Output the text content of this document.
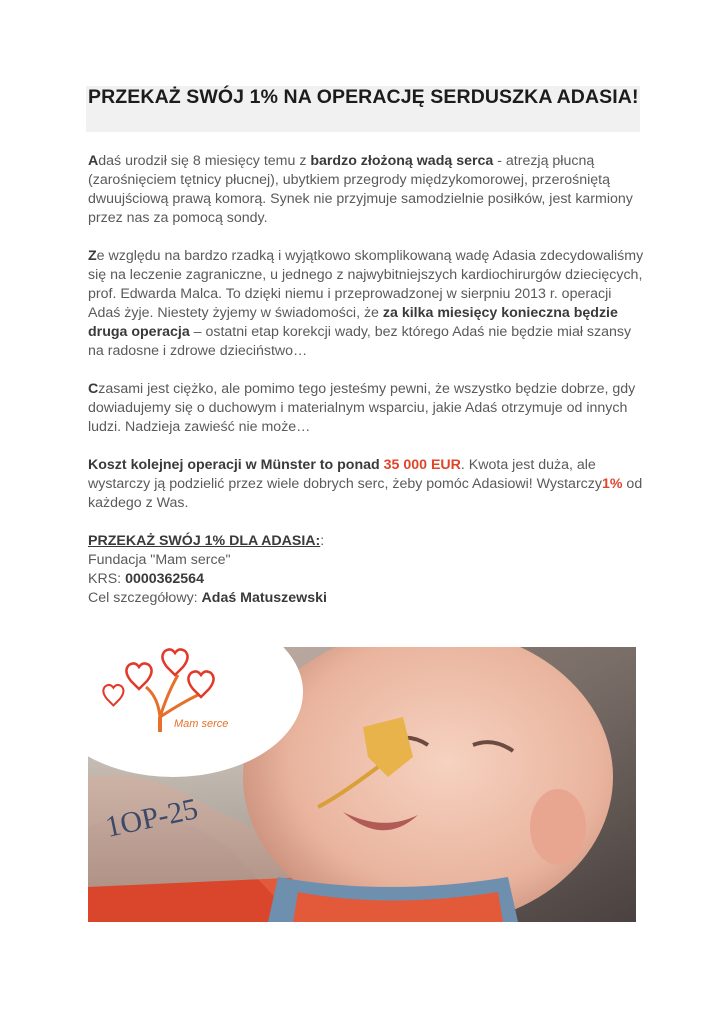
PRZEKAŻ SWÓJ 1% NA OPERACJĘ SERDUSZKA ADASIA!

Adaś urodził się 8 miesięcy temu z bardzo złożoną wadą serca - atrezją płucną (zarośnięciem tętnicy płucnej), ubytkiem przegrody międzykomorowej, przerośniętą dwuujściową prawą komorą. Synek nie przyjmuje samodzielnie posiłków, jest karmiony przez nas za pomocą sondy.

Ze względu na bardzo rzadką i wyjątkowo skomplikowaną wadę Adasia zdecydowaliśmy się na leczenie zagraniczne, u jednego z najwybitniejszych kardiochirurgów dziecięcych, prof. Edwarda Malca. To dzięki niemu i przeprowadzonej w sierpniu 2013 r. operacji Adaś żyje. Niestety żyjemy w świadomości, że za kilka miesięcy konieczna będzie druga operacja – ostatni etap korekcji wady, bez którego Adaś nie będzie miał szansy na radosne i zdrowe dzieciństwo…

Czasami jest ciężko, ale pomimo tego jesteśmy pewni, że wszystko będzie dobrze, gdy dowiadujemy się o duchowym i materialnym wsparciu, jakie Adaś otrzymuje od innych ludzi. Nadzieja zawieść nie może…

Koszt kolejnej operacji w Münster to ponad 35 000 EUR. Kwota jest duża, ale wystarczy ją podzielić przez wiele dobrych serc, żeby pomóc Adasiowi! Wystarczy1% od każdego z Was.

PRZEKAŻ SWÓJ 1% DLA ADASIA::

Fundacja "Mam serce"

KRS: 0000362564

Cel szczegółowy: Adaś Matuszewski

1OP-25
Mam serce
